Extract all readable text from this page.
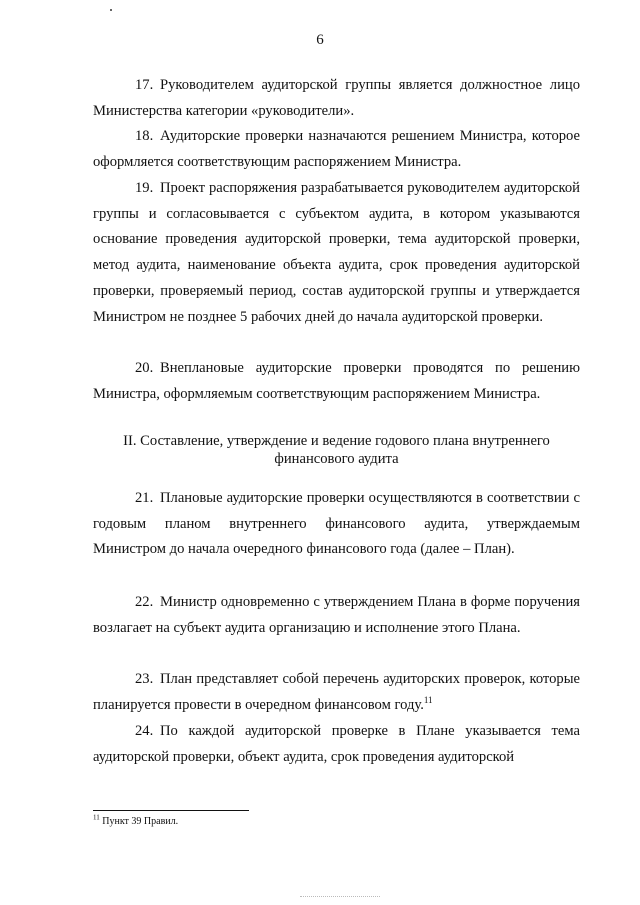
6

17. Руководителем аудиторской группы является должностное лицо Министерства категории «руководители».

18. Аудиторские проверки назначаются решением Министра, которое оформляется соответствующим распоряжением Министра.

19. Проект распоряжения разрабатывается руководителем аудиторской группы и согласовывается с субъектом аудита, в котором указываются основание проведения аудиторской проверки, тема аудиторской проверки, метод аудита, наименование объекта аудита, срок проведения аудиторской проверки, проверяемый период, состав аудиторской группы и утверждается Министром не позднее 5 рабочих дней до начала аудиторской проверки.

20. Внеплановые аудиторские проверки проводятся по решению Министра, оформляемым соответствующим распоряжением Министра.

II. Составление, утверждение и ведение годового плана внутреннего
финансового аудита

21. Плановые аудиторские проверки осуществляются в соответствии с годовым планом внутреннего финансового аудита, утверждаемым Министром до начала очередного финансового года (далее – План).

22. Министр одновременно с утверждением Плана в форме поручения возлагает на субъект аудита организацию и исполнение этого Плана.

23. План представляет собой перечень аудиторских проверок, которые планируется провести в очередном финансовом году.$^{11}$

24. По каждой аудиторской проверке в Плане указывается тема аудиторской проверки, объект аудита, срок проведения аудиторской

$^{11}$ Пункт 39 Правил.
